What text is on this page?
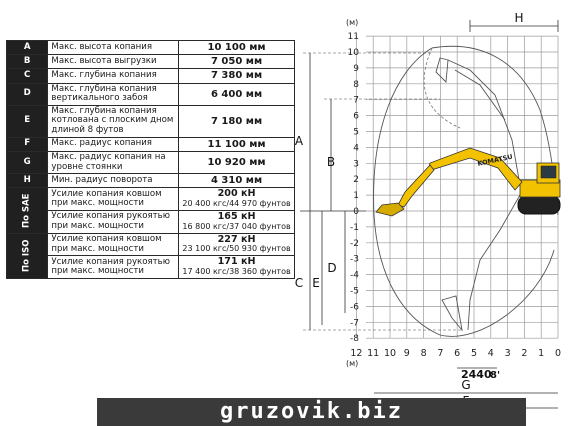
A	Макс. высота копания	10 100 мм

B	Макс. высота выгрузки	7 050 мм

C	Макс. глубина копания	7 380 мм

D	Макс. глубина копания вертикального забоя	6 400 мм

E	Макс. глубина копания котлована с плоским дном длиной 8 футов	7 180 мм

F	Макс. радиус копания	11 100 мм

G	Макс. радиус копания на уровне стоянки	10 920 мм

H	Мин. радиус поворота	4 310 мм

По SAE	Усилие копания ковшом при макс. мощности	200 кН
20 400 кгс/44 970 фунтов

	Усилие копания рукоятью при макс. мощности	165 кН
16 800 кгс/37 040 фунтов

По ISO	Усилие копания ковшом при макс. мощности	227 кН
23 100 кгс/50 930 фунтов

	Усилие копания рукоятью при макс. мощности	171 кН
17 400 кгс/38 360 фунтов
KOMATSU
A
B
C E
D
H
G
2440
8'
11
10
9
8
7
6
5
4
3
2
1
0
-1
-2
-3
-4
-5
-6
-7
-8
12 11 10 9 8 7 6 5 4 3 2 1 0
(м)
(м)
gruzovik.biz
